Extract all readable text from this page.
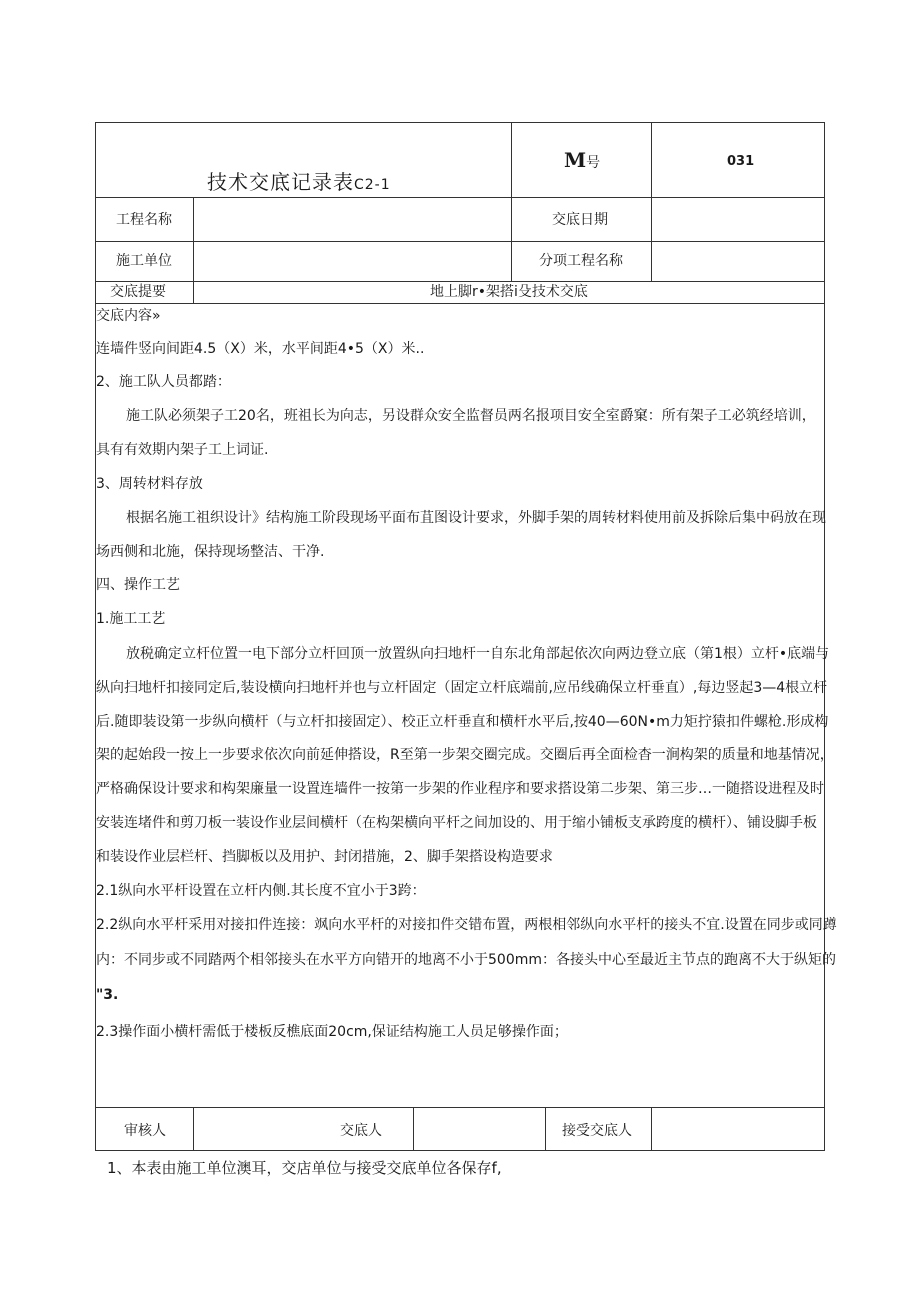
技术交底记录表C2-1
M号	031
工程名称	交底日期
施工单位	分项工程名称
交底提要	地上脚r•架搭i殳技术交底
交底内容»
连墙件竖向间距4.5（X）米，水平间距4•5（X）米..
2、施工队人员都踏：
施工队必须架子工20名，班祖长为向志，另设群众安全监督员两名报项目安全室爵窠：所有架子工必筑经培训，
具有有效期内架子工上词证.
3、周转材料存放
根据名施工祖织设计》结构施工阶段现场平面布苴图设计要求，外脚手架的周转材料使用前及拆除后集中码放在现
场西侧和北施，保持现场整洁、干净.
四、操作工艺
1.施工工艺
放税确定立杆位置一电下部分立杆回顶一放置纵向扫地杆一自东北角部起依次向两边登立底（第1根）立杆•底端与
纵向扫地杆扣接同定后,装设横向扫地杆并也与立杆固定（固定立杆底端前,应吊线确保立杆垂直）,每边竖起3—4根立杆
后.随即装设第一步纵向横杆（与立杆扣接固定）、校正立杆垂直和横杆水平后,按40—60N•m力矩拧猿扣件螺枪.形成构
架的起始段一按上一步要求依次向前延伸搭设，R至第一步架交圈完成。交圈后再全面检杳一涧构架的质量和地基情况，
严格确保设计要求和构架廉量一设置连墙件一按第一步架的作业程序和要求搭设第二步架、第三步…一随搭设进程及时
安装连堵件和剪刀板一装设作业层间横杆（在构架横向平杆之间加设的、用于缩小铺板支承跨度的横杆）、铺设脚手板
和装设作业层栏杆、挡脚板以及用护、封闭措施，2、脚手架搭设构造要求
2.1纵向水平杆设置在立杆内侧.其长度不宜小于3跨：
2.2纵向水平杆采用对接扣件连接：飒向水平杆的对接扣件交错布置，两根相邻纵向水平杆的接头不宜.设置在同步或同蹲
内：不同步或不同踏两个相邻接头在水平方向错开的地离不小于500mm：各接头中心至最近主节点的跑离不大于纵矩的
"3.
2.3操作面小横杆需低于楼板反樵底面20cm,保证结构施工人员足够操作面；
审核人	交底人	接受交底人
1、本表由施工单位澳耳，交店单位与接受交底单位各保存f,
